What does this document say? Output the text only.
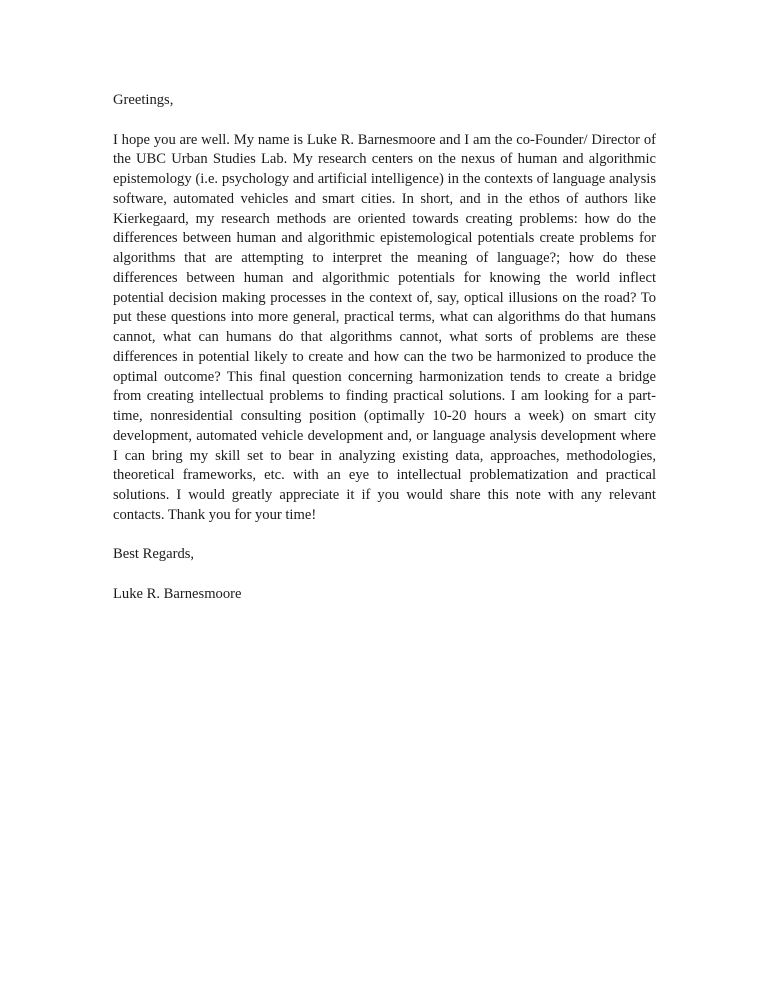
Greetings,

I hope you are well. My name is Luke R. Barnesmoore and I am the co-Founder/ Director of the UBC Urban Studies Lab. My research centers on the nexus of human and algorithmic epistemology (i.e. psychology and artificial intelligence) in the contexts of language analysis software, automated vehicles and smart cities. In short, and in the ethos of authors like Kierkegaard, my research methods are oriented towards creating problems: how do the differences between human and algorithmic epistemological potentials create problems for algorithms that are attempting to interpret the meaning of language?; how do these differences between human and algorithmic potentials for knowing the world inflect potential decision making processes in the context of, say, optical illusions on the road? To put these questions into more general, practical terms, what can algorithms do that humans cannot, what can humans do that algorithms cannot, what sorts of problems are these differences in potential likely to create and how can the two be harmonized to produce the optimal outcome? This final question concerning harmonization tends to create a bridge from creating intellectual problems to finding practical solutions. I am looking for a part-time, nonresidential consulting position (optimally 10-20 hours a week) on smart city development, automated vehicle development and, or language analysis development where I can bring my skill set to bear in analyzing existing data, approaches, methodologies, theoretical frameworks, etc. with an eye to intellectual problematization and practical solutions. I would greatly appreciate it if you would share this note with any relevant contacts. Thank you for your time!

Best Regards,

Luke R. Barnesmoore
